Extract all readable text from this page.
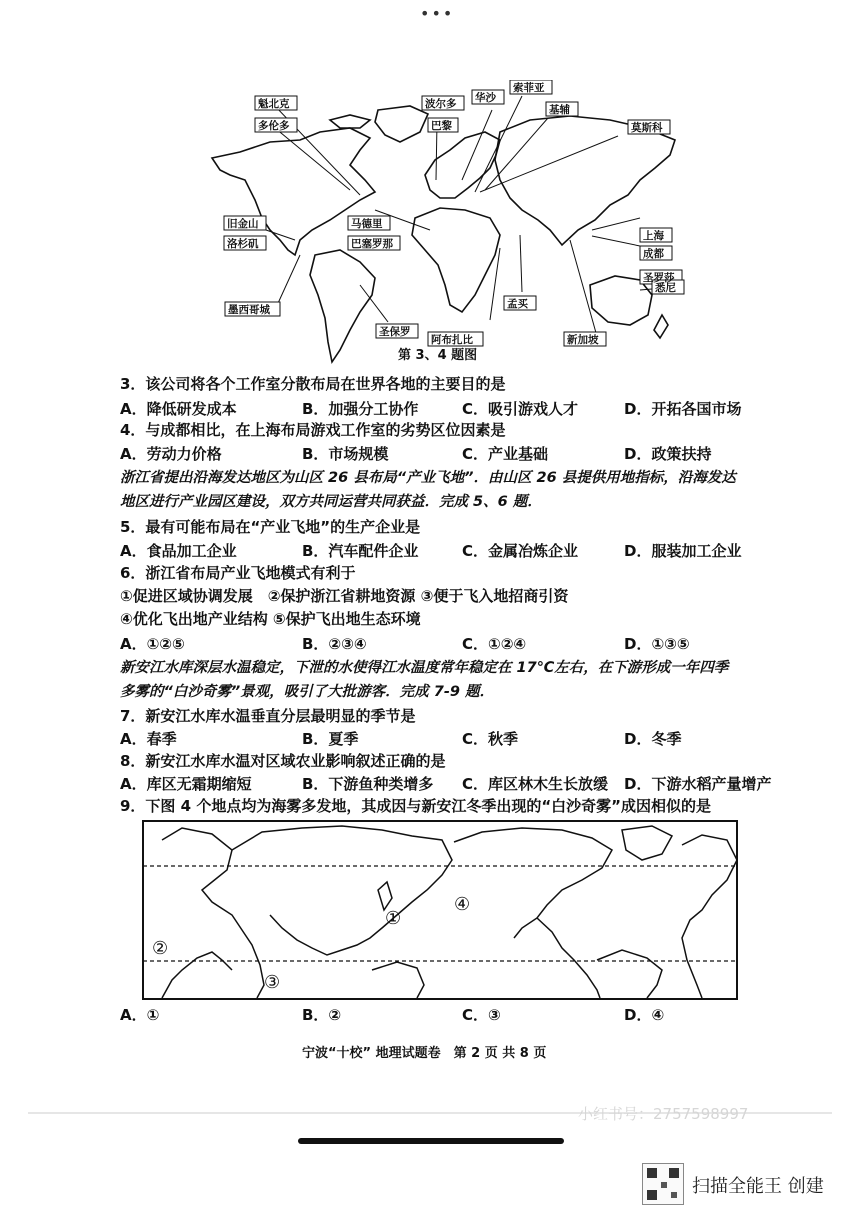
•••
魁北克
多伦多
波尔多
巴黎
华沙
索菲亚
基辅
莫斯科
旧金山
洛杉矶
马德里
巴塞罗那
上海
成都
圣罗莎
墨西哥城
圣保罗
孟买
阿布扎比	新加坡
悉尼
第 3、4 题图
3．该公司将各个工作室分散布局在世界各地的主要目的是
A．降低研发成本	B．加强分工协作	C．吸引游戏人才	D．开拓各国市场
4．与成都相比，在上海布局游戏工作室的劣势区位因素是
A．劳动力价格	B．市场规模	C．产业基础	D．政策扶持
浙江省提出沿海发达地区为山区 26 县布局“产业飞地”．由山区 26 县提供用地指标，沿海发达
地区进行产业园区建设，双方共同运营共同获益．完成 5、6 题．
5．最有可能布局在“产业飞地”的生产企业是
A．食品加工企业	B．汽车配件企业	C．金属冶炼企业	D．服装加工企业
6．浙江省布局产业飞地模式有利于
①促进区域协调发展　②保护浙江省耕地资源 ③便于飞入地招商引资
④优化飞出地产业结构 ⑤保护飞出地生态环境
A．①②⑤	B．②③④	C．①②④	D．①③⑤
新安江水库深层水温稳定，下泄的水使得江水温度常年稳定在 17℃左右，在下游形成一年四季
多雾的“白沙奇雾”景观，吸引了大批游客．完成 7-9 题．
7．新安江水库水温垂直分层最明显的季节是
A．春季	B．夏季	C．秋季	D．冬季
8．新安江水库水温对区域农业影响叙述正确的是
A．库区无霜期缩短	B．下游鱼种类增多 C．库区林木生长放缓 D．下游水稻产量增产
9．下图 4 个地点均为海雾多发地，其成因与新安江冬季出现的“白沙奇雾”成因相似的是
①
②
③
④
A．①	B．②	C．③	D．④
宁波“十校” 地理试题卷　第 2 页 共 8 页
小红书号：2757598997
扫描全能王 创建
